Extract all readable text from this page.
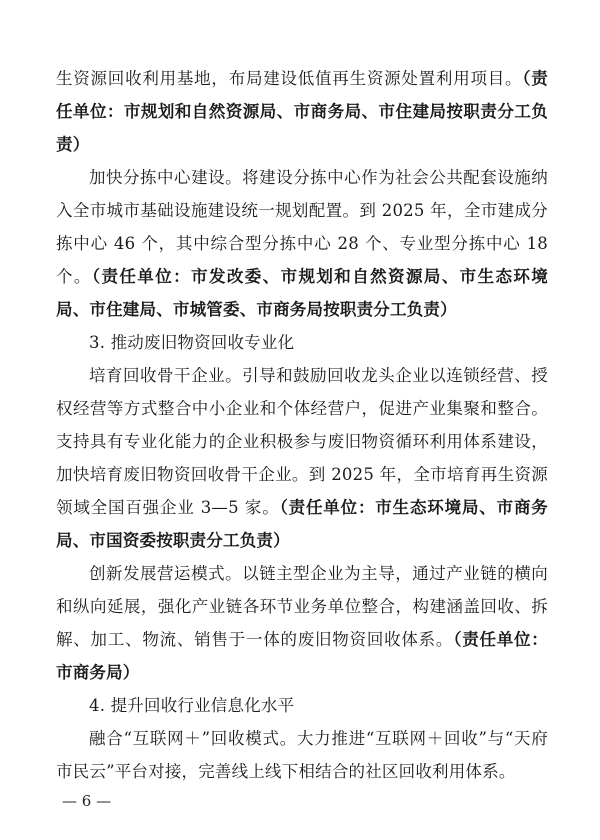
生资源回收利用基地，布局建设低值再生资源处置利用项目。（责任单位：市规划和自然资源局、市商务局、市住建局按职责分工负责）

加快分拣中心建设。将建设分拣中心作为社会公共配套设施纳入全市城市基础设施建设统一规划配置。到 2025 年，全市建成分拣中心 46 个，其中综合型分拣中心 28 个、专业型分拣中心 18 个。（责任单位：市发改委、市规划和自然资源局、市生态环境局、市住建局、市城管委、市商务局按职责分工负责）

3. 推动废旧物资回收专业化

培育回收骨干企业。引导和鼓励回收龙头企业以连锁经营、授权经营等方式整合中小企业和个体经营户，促进产业集聚和整合。支持具有专业化能力的企业积极参与废旧物资循环利用体系建设，加快培育废旧物资回收骨干企业。到 2025 年，全市培育再生资源领域全国百强企业 3—5 家。（责任单位：市生态环境局、市商务局、市国资委按职责分工负责）

创新发展营运模式。以链主型企业为主导，通过产业链的横向和纵向延展，强化产业链各环节业务单位整合，构建涵盖回收、拆解、加工、物流、销售于一体的废旧物资回收体系。（责任单位：市商务局）

4. 提升回收行业信息化水平

融合“互联网＋”回收模式。大力推进“互联网＋回收”与“天府市民云”平台对接，完善线上线下相结合的社区回收利用体系。

— 6 —
